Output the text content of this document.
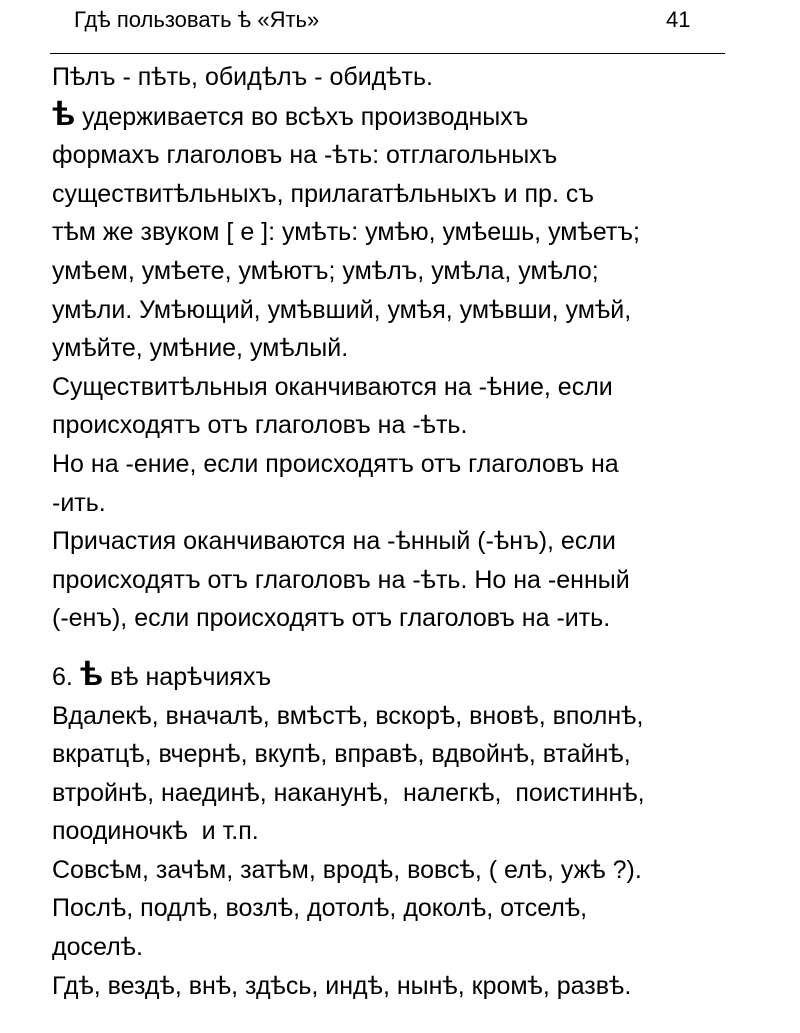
Гдѣ пользовать ѣ «Ять»	41
Пѣлъ - пѣть, обидѣлъ - обидѣть.
ѣ удерживается во всѣхъ производныхъ
формахъ глаголовъ на -ѣть: отглагольныхъ
существитѣльныхъ, прилагатѣльныхъ и пр. съ
тѣм же звуком [ е ]: умѣть: умѣю, умѣешь, умѣетъ;
умѣем, умѣете, умѣютъ; умѣлъ, умѣла, умѣло;
умѣли. Умѣющий, умѣвший, умѣя, умѣвши, умѣй,
умѣйте, умѣние, умѣлый.
Существитѣльныя оканчиваются на -ѣние, если
происходятъ отъ глаголовъ на -ѣть.
Но на -ение, если происходятъ отъ глаголовъ на
-ить.
Причастия оканчиваются на -ѣнный (-ѣнъ), если
происходятъ отъ глаголовъ на -ѣть. Но на -енный
(-енъ), если происходятъ отъ глаголовъ на -ить.
6. ѣ вѣ нарѣчияхъ
Вдалекѣ, вначалѣ, вмѣстѣ, вскорѣ, вновѣ, вполнѣ,
вкратцѣ, вчернѣ, вкупѣ, вправѣ, вдвойнѣ, втайнѣ,
втройнѣ, наединѣ, наканунѣ,  налегкѣ,  поистиннѣ,
поодиночкѣ  и т.п.
Совсѣм, зачѣм, затѣм, вродѣ, вовсѣ, ( елѣ, ужѣ ?).
Послѣ, подлѣ, возлѣ, дотолѣ, доколѣ, отселѣ,
доселѣ.
Гдѣ, вездѣ, внѣ, здѣсь, индѣ, нынѣ, кромѣ, развѣ.
